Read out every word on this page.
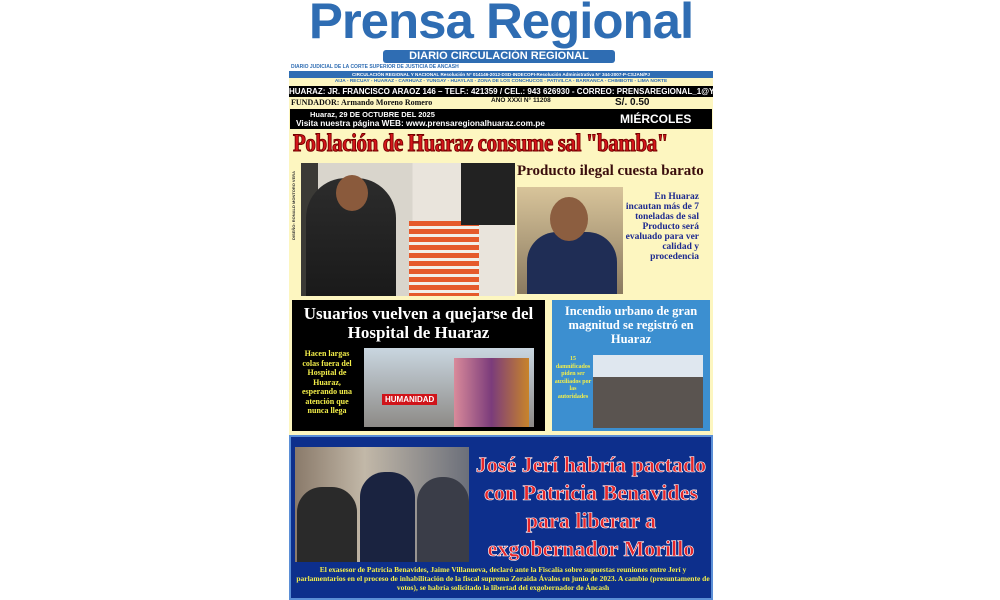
Prensa Regional
DIARIO CIRCULACIÓN REGIONAL
DIARIO JUDICIAL DE LA CORTE SUPERIOR DE JUSTICIA DE ANCASH
CIRCULACIÓN REGIONAL Y NACIONAL Resolución N° 014146-2012-DSD-INDECOPI-Resolución Administrativa N° 344-2007-P-CSJAN/PJ
AIJA - RECUAY - HUARAZ - CARHUAZ - YUNGAY - HUAYLAS - ZONA DE LOS CONCHUCOS - PATIVILCA - BARRANCA - CHIMBOTE - LIMA NORTE
HUARAZ: JR. FRANCISCO ARAOZ 146 – TELF.: 421359 / CEL.: 943 626930 - CORREO: PRENSAREGIONAL_1@YAHOO.ES
FUNDADOR: Armando Moreno Romero	AÑO XXXI N° 11208	S/. 0.50
Huaraz, 29 DE OCTUBRE DEL 2025
Visita nuestra página WEB: www.prensaregionalhuaraz.com.pe	MIÉRCOLES
Población de Huaraz consume sal "bamba"
DISEÑO: RONALD MONTORO VERA	Producto ilegal cuesta barato
En Huaraz incautan más de 7 toneladas de sal Producto será evaluado para ver calidad y procedencia
Usuarios vuelven a quejarse del Hospital de Huaraz
Hacen largas colas fuera del Hospital de Huaraz, esperando una atención que nunca llega
HUMANIDAD
Incendio urbano de gran magnitud se registró en Huaraz
15 damnificados piden ser auxiliados por las autoridades
José Jerí habría pactado con Patricia Benavides para liberar a exgobernador Morillo
El exasesor de Patricia Benavides, Jaime Villanueva, declaró ante la Fiscalía sobre supuestas reuniones entre Jerí y parlamentarios en el proceso de inhabilitación de la fiscal suprema Zoraida Ávalos en junio de 2023. A cambio (presuntamente de votos), se habría solicitado la libertad del exgobernador de Áncash
